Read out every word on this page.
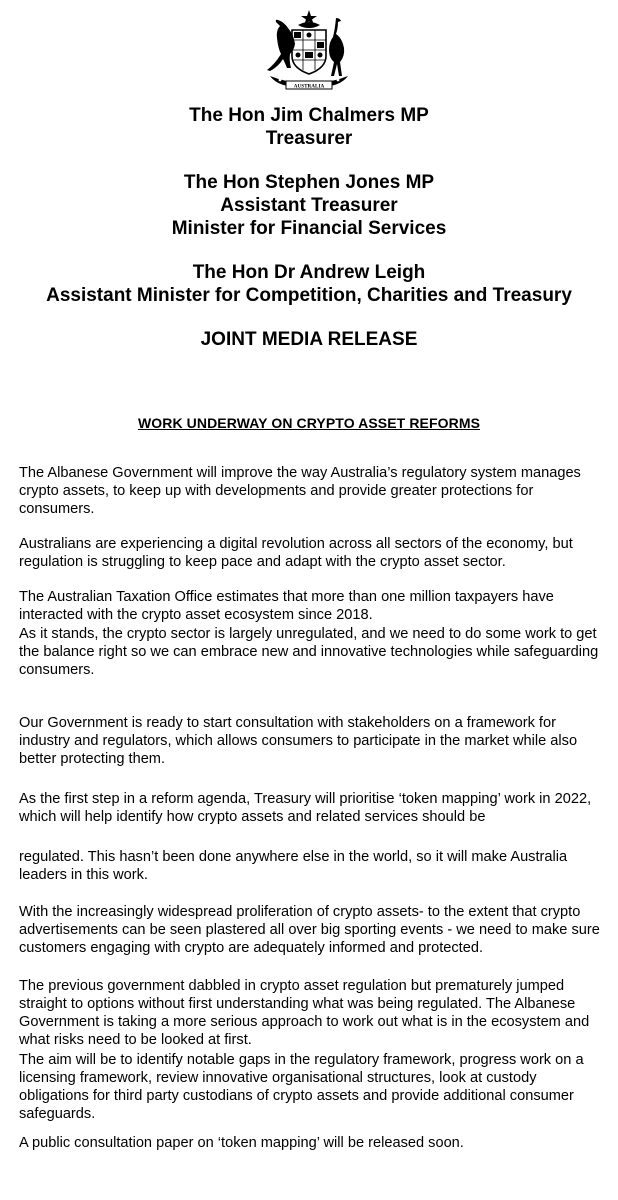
AUSTRALIA
The Hon Jim Chalmers MP
Treasurer
The Hon Stephen Jones MP
Assistant Treasurer
Minister for Financial Services
The Hon Dr Andrew Leigh
Assistant Minister for Competition, Charities and Treasury
JOINT MEDIA RELEASE
WORK UNDERWAY ON CRYPTO ASSET REFORMS

The Albanese Government will improve the way Australia’s regulatory system manages crypto assets, to keep up with developments and provide greater protections for consumers.

Australians are experiencing a digital revolution across all sectors of the economy, but regulation is struggling to keep pace and adapt with the crypto asset sector.

The Australian Taxation Office estimates that more than one million taxpayers have interacted with the crypto asset ecosystem since 2018.

As it stands, the crypto sector is largely unregulated, and we need to do some work to get the balance right so we can embrace new and innovative technologies while safeguarding consumers.

Our Government is ready to start consultation with stakeholders on a framework for industry and regulators, which allows consumers to participate in the market while also better protecting them.

As the first step in a reform agenda, Treasury will prioritise ‘token mapping’ work in 2022, which will help identify how crypto assets and related services should be

regulated. This hasn’t been done anywhere else in the world, so it will make Australia leaders in this work.

With the increasingly widespread proliferation of crypto assets- to the extent that crypto advertisements can be seen plastered all over big sporting events - we need to make sure customers engaging with crypto are adequately informed and protected.

The previous government dabbled in crypto asset regulation but prematurely jumped straight to options without first understanding what was being regulated. The Albanese Government is taking a more serious approach to work out what is in the ecosystem and what risks need to be looked at first.

The aim will be to identify notable gaps in the regulatory framework, progress work on a licensing framework, review innovative organisational structures, look at custody obligations for third party custodians of crypto assets and provide additional consumer safeguards.

A public consultation paper on ‘token mapping’ will be released soon.
